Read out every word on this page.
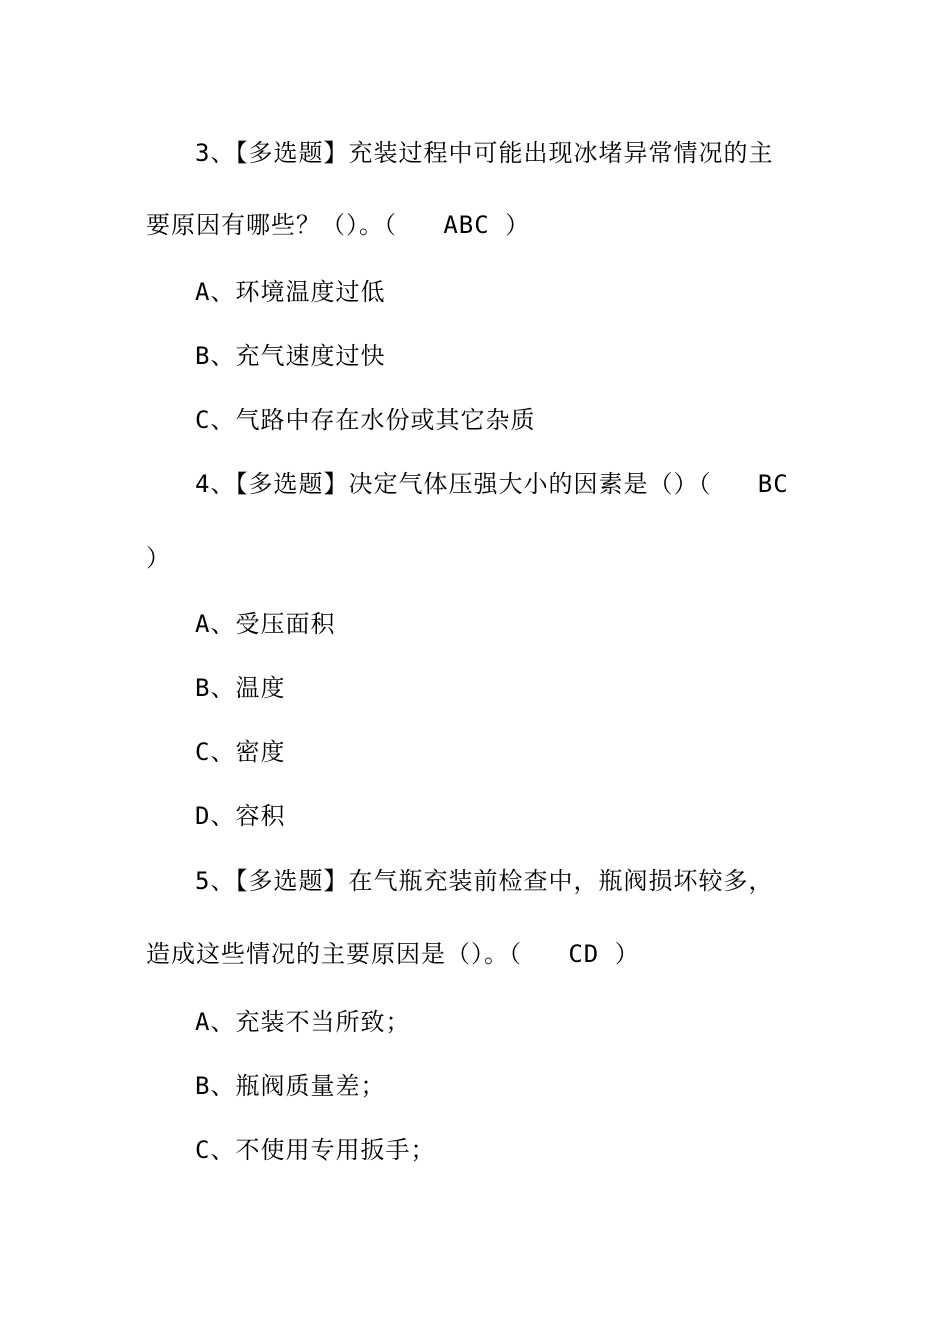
3、【多选题】充装过程中可能出现冰堵异常情况的主
要原因有哪些？（）。（   ABC ）
A、环境温度过低
B、充气速度过快
C、气路中存在水份或其它杂质
4、【多选题】决定气体压强大小的因素是（）（   BC
）
A、受压面积
B、温度
C、密度
D、容积
5、【多选题】在气瓶充装前检查中，瓶阀损坏较多，
造成这些情况的主要原因是（）。（   CD ）
A、充装不当所致；
B、瓶阀质量差；
C、不使用专用扳手；
